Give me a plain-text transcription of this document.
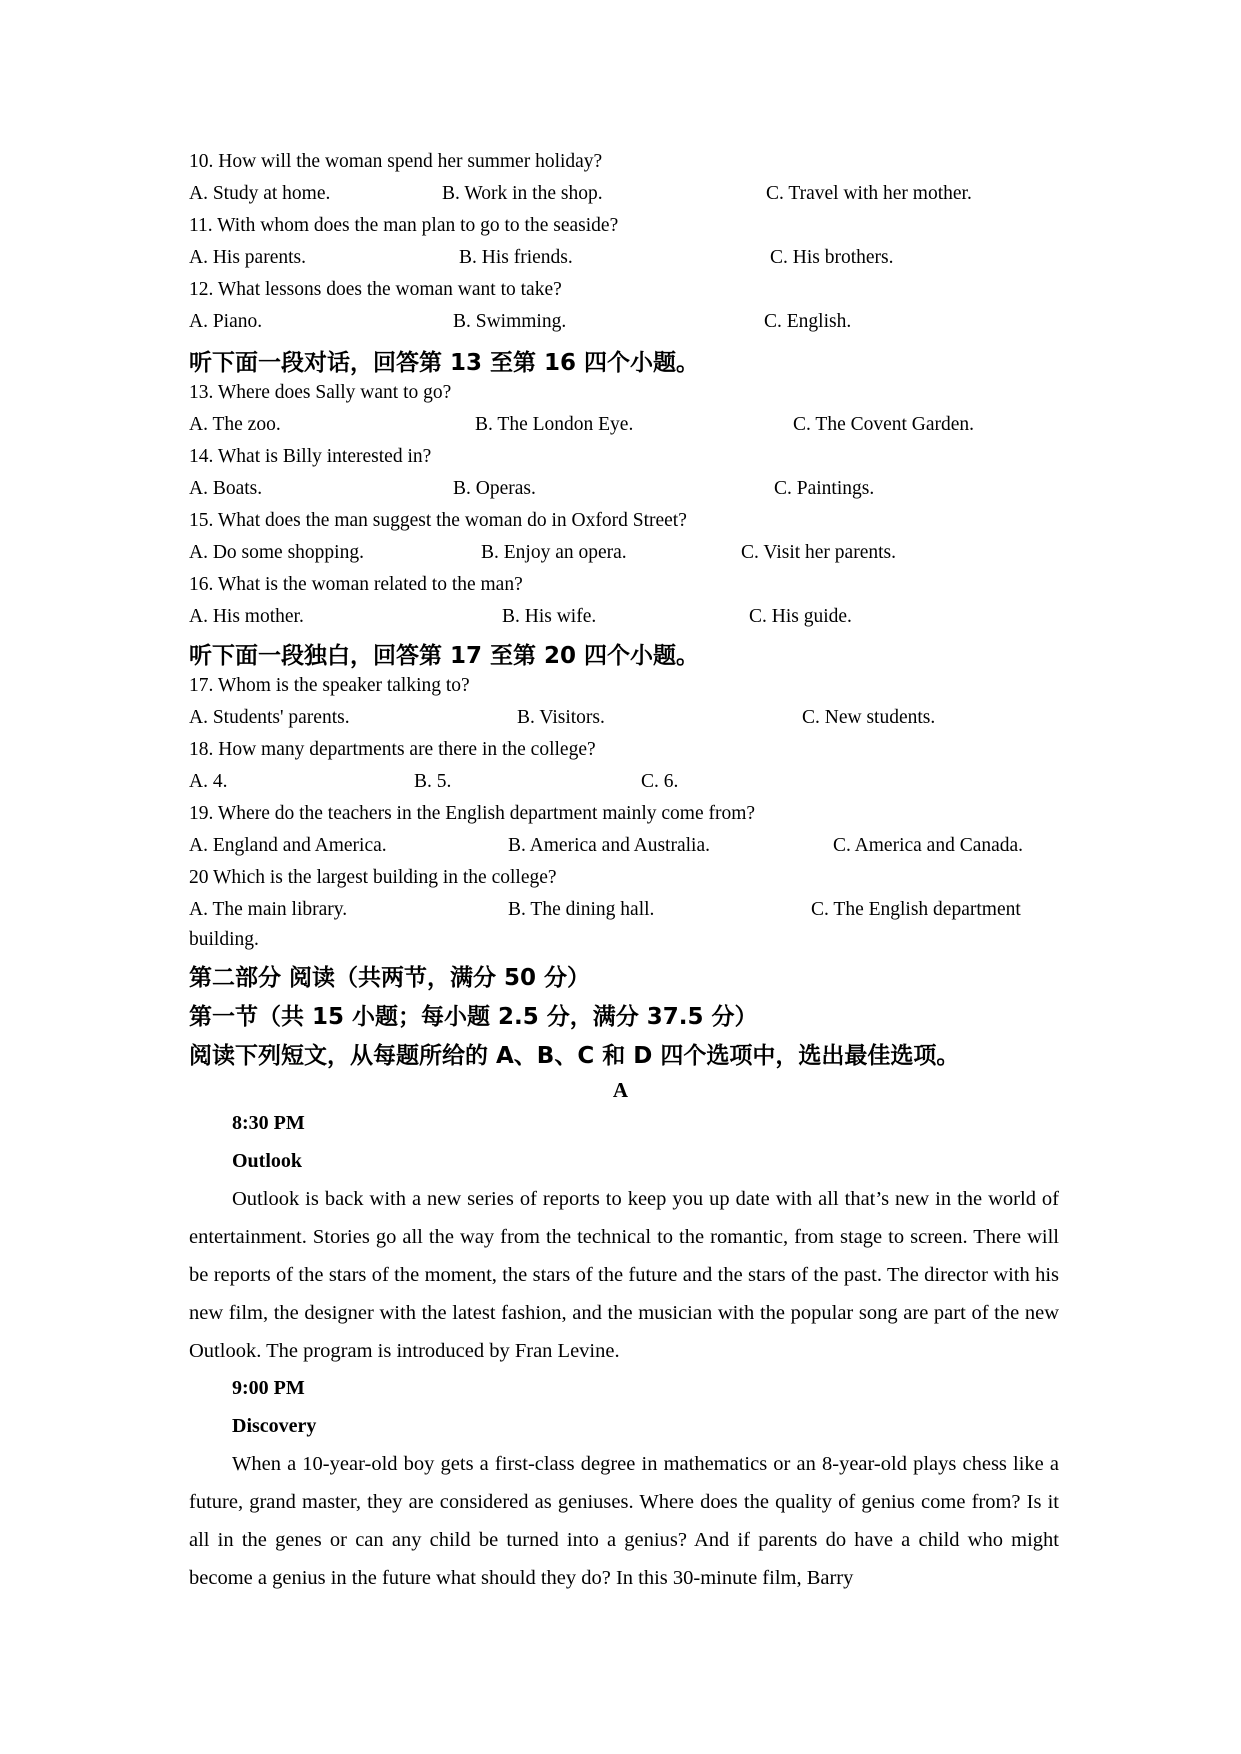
10. How will the woman spend her summer holiday?
A. Study at home.	B. Work in the shop.	C. Travel with her mother.
11. With whom does the man plan to go to the seaside?
A. His parents.	B. His friends.	C. His brothers.
12. What lessons does the woman want to take?
A. Piano.	B. Swimming.	C. English.
听下面一段对话，回答第 13 至第 16 四个小题。
13. Where does Sally want to go?
A. The zoo.	B. The London Eye.	C. The Covent Garden.
14. What is Billy interested in?
A. Boats.	B. Operas.	C. Paintings.
15. What does the man suggest the woman do in Oxford Street?
A. Do some shopping.	B. Enjoy an opera.	C. Visit her parents.
16. What is the woman related to the man?
A. His mother.	B. His wife.	C. His guide.
听下面一段独白，回答第 17 至第 20 四个小题。
17. Whom is the speaker talking to?
A. Students' parents.	B. Visitors.	C. New students.
18. How many departments are there in the college?
A. 4.	B. 5.	C. 6.
19. Where do the teachers in the English department mainly come from?
A. England and America.	B. America and Australia.	C. America and Canada.
20 Which is the largest building in the college?
A. The main library.	B. The dining hall.	C. The English department
building.
第二部分 阅读（共两节，满分 50 分）
第一节（共 15 小题；每小题 2.5 分，满分 37.5 分）
阅读下列短文，从每题所给的 A、B、C 和 D 四个选项中，选出最佳选项。
A
8:30 PM
Outlook
Outlook is back with a new series of reports to keep you up date with all that’s new in the world of entertainment. Stories go all the way from the technical to the romantic, from stage to screen. There will be reports of the stars of the moment, the stars of the future and the stars of the past. The director with his new film, the designer with the latest fashion, and the musician with the popular song are part of the new Outlook. The program is introduced by Fran Levine.
9:00 PM
Discovery
When a 10-year-old boy gets a first-class degree in mathematics or an 8-year-old plays chess like a future, grand master, they are considered as geniuses. Where does the quality of genius come from? Is it all in the genes or can any child be turned into a genius? And if parents do have a child who might become a genius in the future what should they do? In this 30-minute film, Barry
